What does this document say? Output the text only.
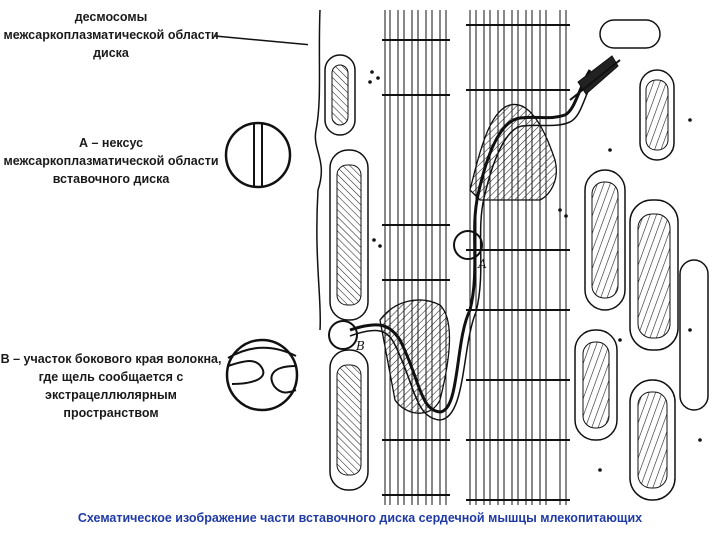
десмосомы межсаркоплазматической области диска
А – нексус межсаркоплазматической области вставочного диска
В – участок бокового края волокна, где щель сообщается с экстрацеллюлярным пространством
А
В
Схематическое изображение части вставочного диска сердечной мышцы млекопитающих
